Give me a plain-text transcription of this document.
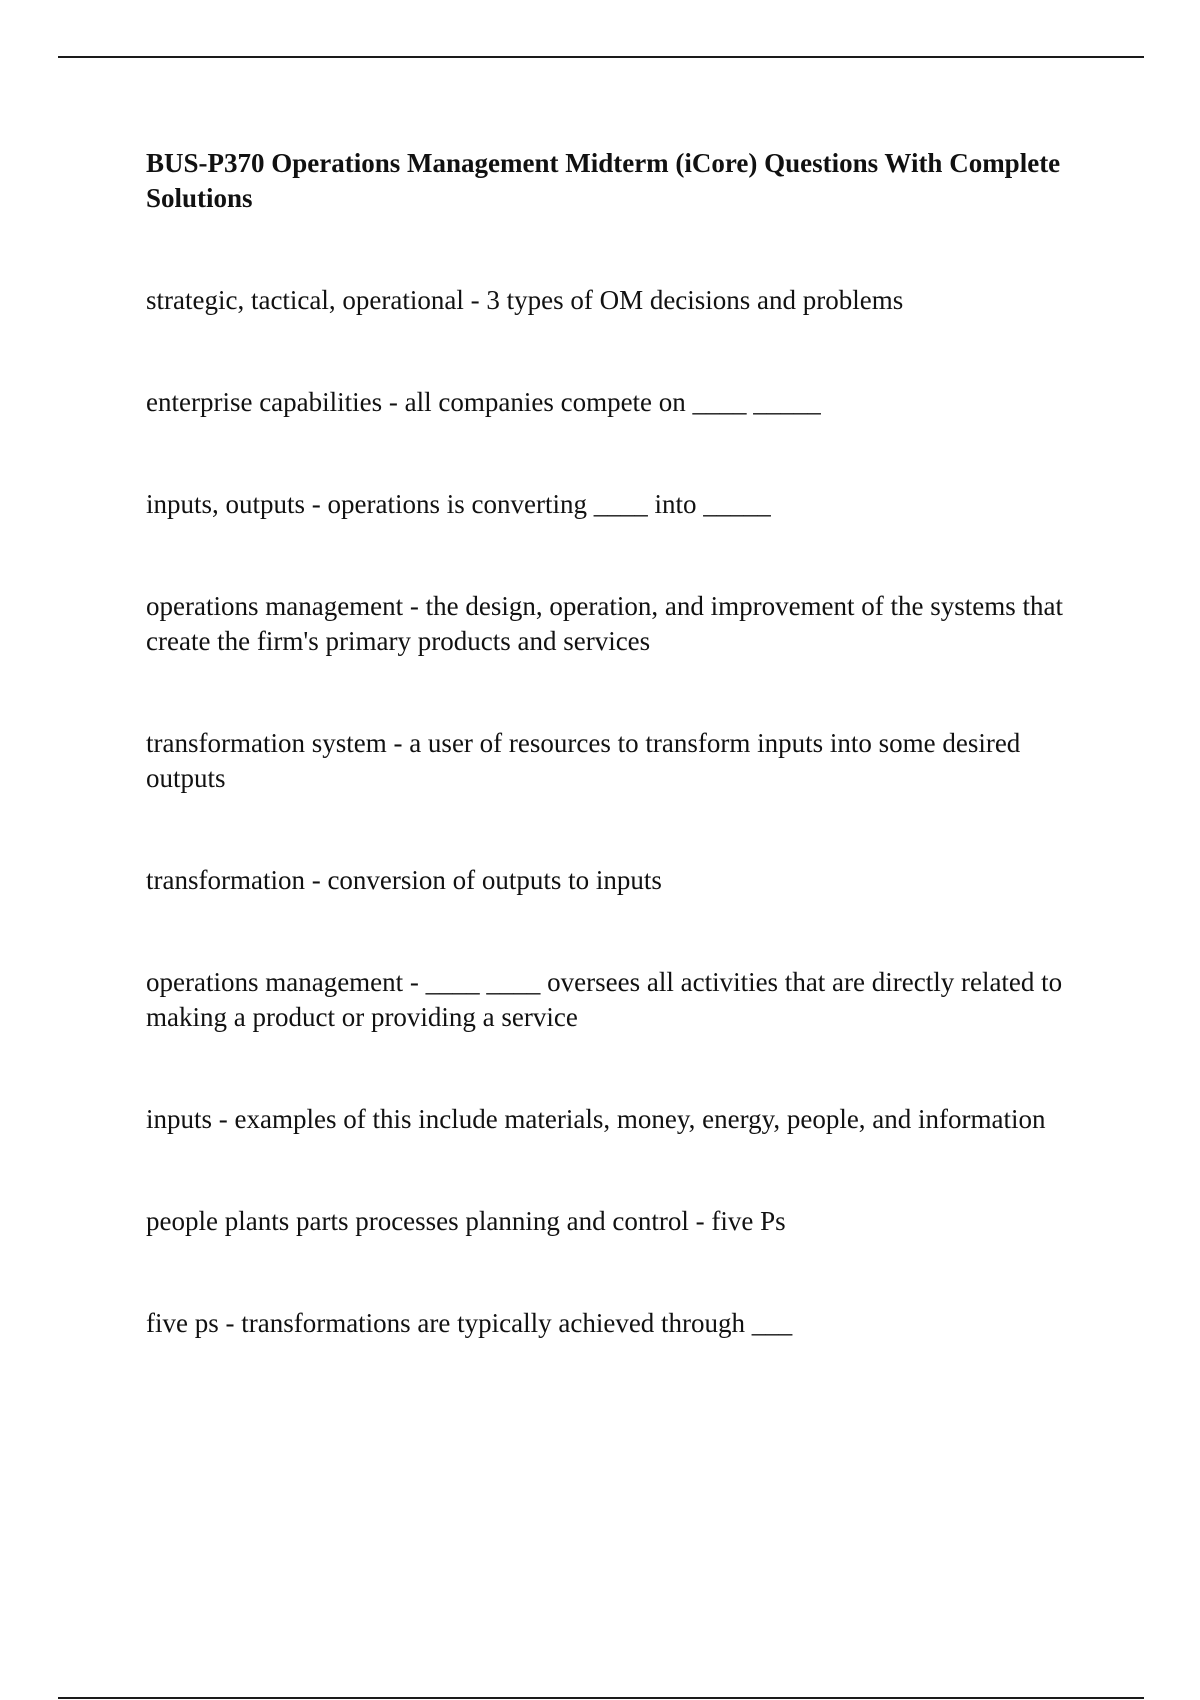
BUS-P370 Operations Management Midterm (iCore) Questions With Complete Solutions

strategic, tactical, operational - 3 types of OM decisions and problems

enterprise capabilities - all companies compete on ____ _____

inputs, outputs - operations is converting ____ into _____

operations management - the design, operation, and improvement of the systems that create the firm's primary products and services

transformation system - a user of resources to transform inputs into some desired outputs

transformation - conversion of outputs to inputs

operations management - ____ ____ oversees all activities that are directly related to making a product or providing a service

inputs - examples of this include materials, money, energy, people, and information

people plants parts processes planning and control - five Ps

five ps - transformations are typically achieved through ___
